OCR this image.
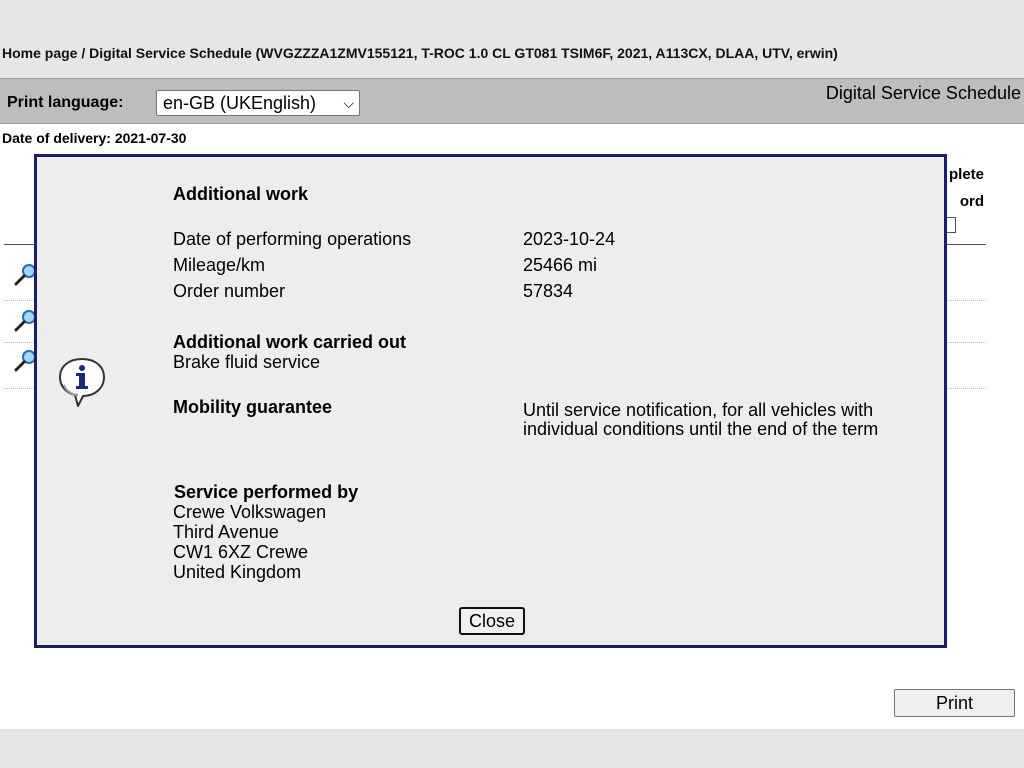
Home page / Digital Service Schedule (WVGZZZA1ZMV155121, T-ROC 1.0 CL GT081 TSIM6F, 2021, A113CX, DLAA, UTV, erwin)
Print language:	en-GB (UKEnglish) ⌵	Digital Service Schedule
Date of delivery: 2021-07-30
plete
ord
Additional work
Date of performing operations	2023-10-24
Mileage/km	25466 mi
Order number	57834
Additional work carried out
Brake fluid service
Mobility guarantee	Until service notification, for all vehicles with individual conditions until the end of the term
Service performed by
Crewe Volkswagen
Third Avenue
CW1 6XZ Crewe
United Kingdom
Close
Print
